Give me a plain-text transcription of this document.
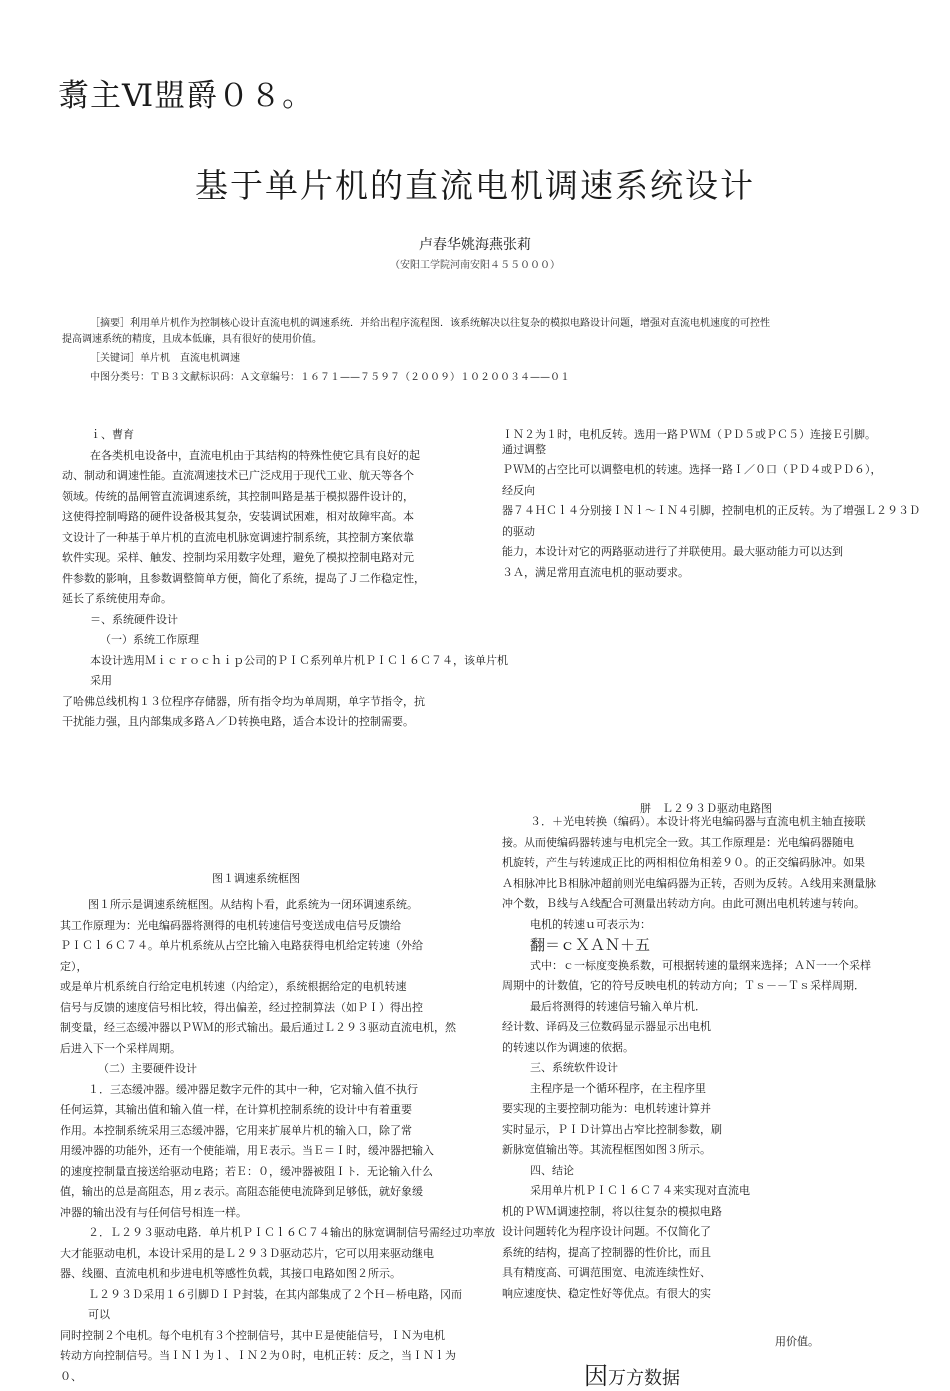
翥主Ⅵ盟爵０８。
基于单片机的直流电机调速系统设计
卢春华姚海燕张莉
（安阳工学院河南安阳４５５０００）
［摘要］利用单片机作为控制核心设计直流电机的调速系统．并给出程序流程图．该系统解决以往复杂的模拟电路设计问题，增强对直流电机速度的可控性
提高调速系统的精度，且成本低廉，具有很好的使用价值。
［关键词］单片机　直流电机调速
中图分类号：ＴＢ３文献标识码：Ａ文章编号：１６７１——７５９７（２００９）１０２００３４——０１

ｉ、曹育

在各类机电设备中，直流电机由于其结构的特殊性使它具有良好的起

动、制动和调速性能。直流凋速技术已广泛戍用于现代工业、航天等各个

领域。传统的晶闸管直流调速系统，其控制叫路是基于模拟器件设计的，

这使得控制呣路的硬件设备极其复杂，安装调试困难，相对故障牢高。本

文设计了一种基于单片机的直流电机脉宽调速拧制系统，其控制方案依靠

软件实现。采样、触发、控制均采用数字处理，避免了模拟控制电路对元

件参数的影响，且参数调整简单方便，简化了系统，提岛了Ｊ二作稳定性，

延长了系统使用寿命。

＝、系统硬件设计

（一）系统工作原理

本设计选用Ｍｉｃｒｏｃｈｉｐ公司的ＰＩＣ系列单片机ＰＩＣｌ６Ｃ７４，该单片机

采用

了哈佛总线机构１３位程序存储器，所有指令均为单周期，单字节指令，抗

干扰能力强，且内部集成多路Ａ／Ｄ转换电路，适合本设计的控制需要。

ＩＮ２为１时，电机反转。选用一路ＰＷＭ（ＰＤ５或ＰＣ５）连接Ｅ引脚。

通过调整

ＰＷＭ的占空比可以调整电机的转速。选择一路Ｉ／０口（ＰＤ４或ＰＤ６），

经反向

器７４ＨＣｌ４分别接ＩＮｌ～ＩＮ４引脚，控制电机的正反转。为了增强Ｌ２９３Ｄ

的驱动

能力，本设计对它的两路驱动进行了并联使用。最大驱动能力可以达到

３Ａ，满足常用直流电机的驱动要求。

胼　Ｌ２９３Ｄ驱动电路图
图１调速系统框图

图１所示是调速系统框图。从结构卜看，此系统为一闭环调速系统。

其工作原理为：光电编码器将测得的电机转速信号变送成电信号反馈给

ＰＩＣｌ６Ｃ７４。单片机系统从占空比输入电路获得电机给定转速（外给

定），

或是单片机系统自行给定电机转速（内给定），系统根据给定的电机转速

信号与反馈的速度信号相比较，得出偏差，经过控制算法（如ＰＩ）得出控

制变量，经三态缓冲器以ＰＷＭ的形式输出。最后通过Ｌ２９３驱动直流电机，然

后进入下一个采样周期。

（二）主要硬件设计

１．三态缓冲器。缓冲器足数字元件的其中一种，它对输入值不执行

任何运算，其输出值和输入值一样，在计算机控制系统的设计中有着重要

作用。本控制系统采用三态缓冲器，它用来扩展单片机的输入口，除了常

用缓冲器的功能外，还有一个使能端，用Ｅ表示。当Ｅ＝Ｉ时，缓冲器把输入

的速度控制量直接送给驱动电路；若Ｅ：０，缓冲器被阻Ｉト．无论输入什么

值，输出的总是高阻态，用ｚ表示。高阻态能使电流降到足够低，就好象缓

冲器的输出没有与任何信号相连一样。

２．Ｌ２９３驱动电路．单片机ＰＩＣｌ６Ｃ７４输出的脉宽调制信号需经过功率放

大才能驱动电机，本设计采用的是Ｌ２９３Ｄ驱动芯片，它可以用来驱动继电

器、线圈、直流电机和步进电机等感性负载，其接口电路如图２所示。

Ｌ２９３Ｄ采用１６引脚ＤＩＰ封装，在其内部集成了２个Ｈ－桥电路，冈而

可以

同时控制２个电机。每个电机有３个控制信号，其中Ｅ是使能信号，ＩＮ为电机

转动方向控制信号。当ＩＮｌ为ｌ、ＩＮ２为０时，电机正转：反之，当ＩＮｌ为

０、

３．＋光电转换（编码）。本设计将光电编码器与直流电机主轴直接联

接。从而使编码器转速与电机完全一致。其工作原理是：光电编码器随电

机旋转，产生与转速成正比的两相相位角相差９０。的正交编码脉冲。如果

Ａ相脉冲比Ｂ相脉冲超前则光电编码器为正转，否则为反转。Ａ线用来测量脉

冲个数，Ｂ线与Ａ线配合可测量出转动方向。由此可测出电机转速与转向。

电机的转速ｕ可表示为：

翻＝ｃＸＡＮ＋五

式中：ｃ一标度变换系数，可根据转速的量纲来选择；ＡＮ一一个采样

周期中的计数值，它的符号反映电机的转动方向；Ｔｓ－－Ｔｓ采样周期．

最后将测得的转速信号输入单片机．

经计数、译码及三位数码显示器显示出电机

的转速以作为调速的依据。

三、系统软件设计

主程序是一个循环程序，在主程序里

要实现的主要控制功能为：电机转速计算并

实时显示，ＰＩＤ计算出占窄比控制参数，刷

新脉宽值输出等。其流程框图如图３所示。

四、结论

采用单片机ＰＩＣｌ６Ｃ７４来实现对直流电

机的ＰＷＭ调速控制，将以往复杂的模拟电路

设计问题转化为程序设计问题。不仅简化了

系统的结构，提高了控制器的性价比，而且

具有精度高、可调范围宽、电流连续性好、

响应速度快、稳定性好等优点。有很大的实

用价值。
因万方数据
